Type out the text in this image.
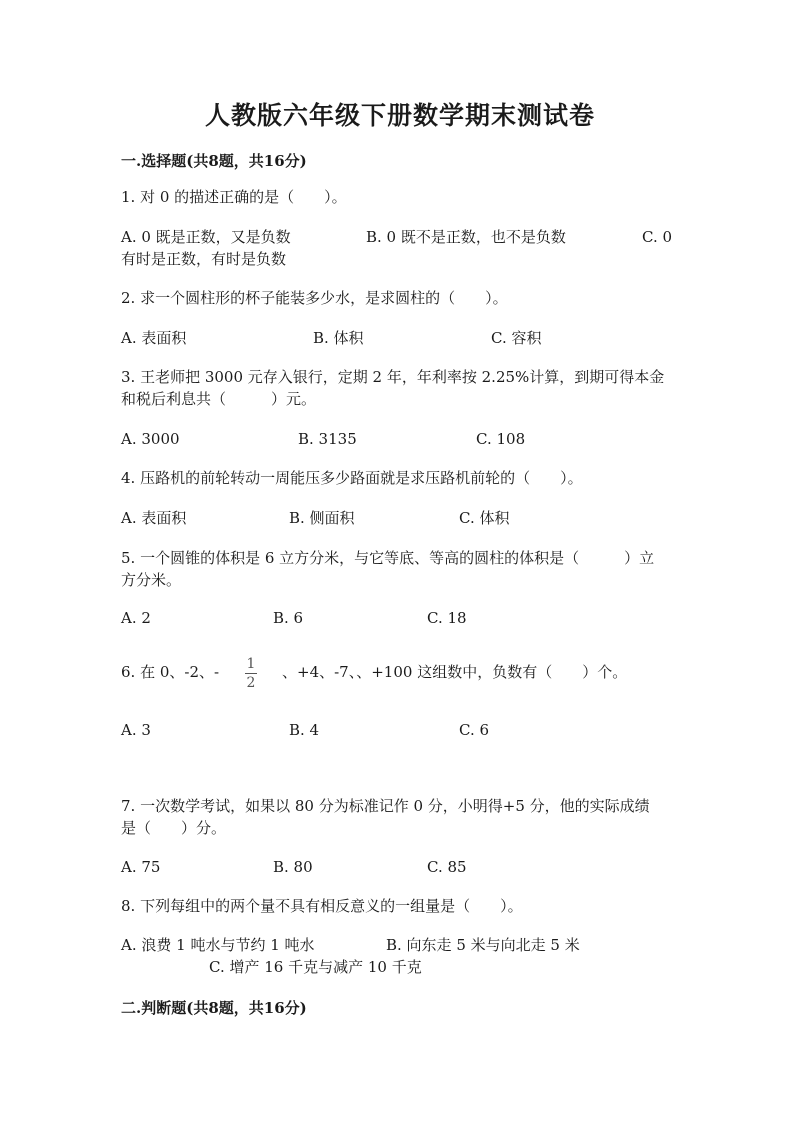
人教版六年级下册数学期末测试卷
一.选择题(共8题，共16分)
1. 对 0 的描述正确的是（　　）。
A. 0 既是正数，又是负数	B. 0 既不是正数，也不是负数	C. 0
有时是正数，有时是负数
2. 求一个圆柱形的杯子能装多少水，是求圆柱的（　　）。
A. 表面积	B. 体积	C. 容积
3. 王老师把 3000 元存入银行，定期 2 年，年利率按 2.25%计算，到期可得本金
和税后利息共（　　　）元。
A. 3000	B. 3135	C. 108
4. 压路机的前轮转动一周能压多少路面就是求压路机前轮的（　　）。
A. 表面积	B. 侧面积	C. 体积
5. 一个圆锥的体积是 6 立方分米，与它等底、等高的圆柱的体积是（　　　）立
方分米。
A. 2	B. 6	C. 18
6. 在 0、-2、- 1
2
、+4、-7、、+100 这组数中，负数有（　　）个。
A. 3	B. 4	C. 6
7. 一次数学考试，如果以 80 分为标准记作 0 分，小明得+5 分，他的实际成绩
是（　　）分。
A. 75	B. 80	C. 85
8. 下列每组中的两个量不具有相反意义的一组量是（　　）。
A. 浪费 1 吨水与节约 1 吨水	B. 向东走 5 米与向北走 5 米
C. 增产 16 千克与减产 10 千克
二.判断题(共8题，共16分)
